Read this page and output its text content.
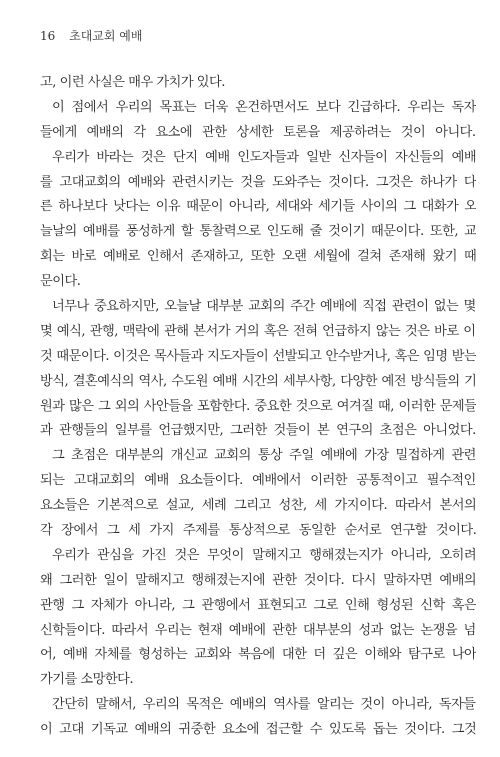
16 초대교회 예배
고, 이런 사실은 매우 가치가 있다.
이 점에서 우리의 목표는 더욱 온건하면서도 보다 긴급하다. 우리는 독자
들에게 예배의 각 요소에 관한 상세한 토론을 제공하려는 것이 아니다.
우리가 바라는 것은 단지 예배 인도자들과 일반 신자들이 자신들의 예배
를 고대교회의 예배와 관련시키는 것을 도와주는 것이다. 그것은 하나가 다
른 하나보다 낫다는 이유 때문이 아니라, 세대와 세기들 사이의 그 대화가 오
늘날의 예배를 풍성하게 할 통찰력으로 인도해 줄 것이기 때문이다. 또한, 교
회는 바로 예배로 인해서 존재하고, 또한 오랜 세월에 걸쳐 존재해 왔기 때
문이다.
너무나 중요하지만, 오늘날 대부분 교회의 주간 예배에 직접 관련이 없는 몇
몇 예식, 관행, 맥락에 관해 본서가 거의 혹은 전혀 언급하지 않는 것은 바로 이
것 때문이다. 이것은 목사들과 지도자들이 선발되고 안수받거나, 혹은 임명 받는
방식, 결혼예식의 역사, 수도원 예배 시간의 세부사항, 다양한 예전 방식들의 기
원과 많은 그 외의 사안들을 포함한다. 중요한 것으로 여겨질 때, 이러한 문제들
과 관행들의 일부를 언급했지만, 그러한 것들이 본 연구의 초점은 아니었다.
그 초점은 대부분의 개신교 교회의 통상 주일 예배에 가장 밀접하게 관련
되는 고대교회의 예배 요소들이다. 예배에서 이러한 공통적이고 필수적인
요소들은 기본적으로 설교, 세례 그리고 성찬, 세 가지이다. 따라서 본서의
각 장에서 그 세 가지 주제를 통상적으로 동일한 순서로 연구할 것이다.
우리가 관심을 가진 것은 무엇이 말해지고 행해졌는지가 아니라, 오히려
왜 그러한 일이 말해지고 행해졌는지에 관한 것이다. 다시 말하자면 예배의
관행 그 자체가 아니라, 그 관행에서 표현되고 그로 인해 형성된 신학 혹은
신학들이다. 따라서 우리는 현재 예배에 관한 대부분의 성과 없는 논쟁을 넘
어, 예배 자체를 형성하는 교회와 복음에 대한 더 깊은 이해와 탐구로 나아
가기를 소망한다.
간단히 말해서, 우리의 목적은 예배의 역사를 알리는 것이 아니라, 독자들
이 고대 기독교 예배의 귀중한 요소에 접근할 수 있도록 돕는 것이다. 그것
